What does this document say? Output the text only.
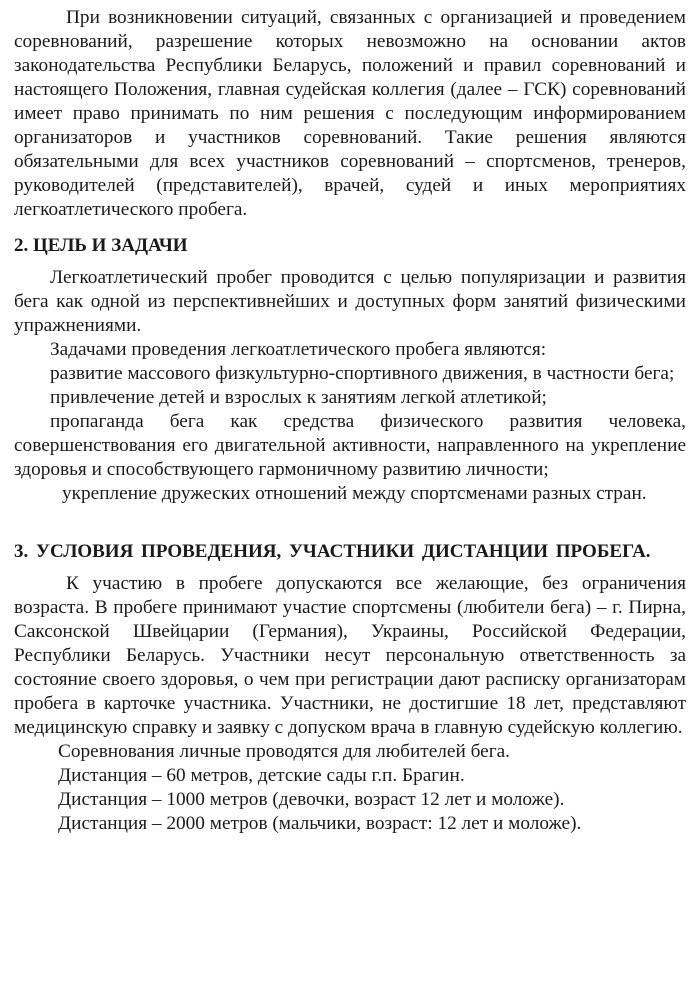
При возникновении ситуаций, связанных с организацией и проведением соревнований, разрешение которых невозможно на основании актов законодательства Республики Беларусь, положений и правил соревнований и настоящего Положения, главная судейская коллегия (далее – ГСК) соревнований имеет право принимать по ним решения с последующим информированием организаторов и участников соревнований. Такие решения являются обязательными для всех участников соревнований – спортсменов, тренеров, руководителей (представителей), врачей, судей и иных мероприятиях легкоатлетического пробега.

2. ЦЕЛЬ И ЗАДАЧИ

Легкоатлетический пробег проводится с целью популяризации и развития бега как одной из перспективнейших и доступных форм занятий физическими упражнениями.

Задачами проведения легкоатлетического пробега являются:

развитие массового физкультурно-спортивного движения, в частности бега;

привлечение детей и взрослых к занятиям легкой атлетикой;

пропаганда бега как средства физического развития человека, совершенствования его двигательной активности, направленного на укрепление здоровья и способствующего гармоничному развитию личности;

укрепление дружеских отношений между спортсменами разных стран.

3. УСЛОВИЯ ПРОВЕДЕНИЯ, УЧАСТНИКИ ДИСТАНЦИИ ПРОБЕГА.

К участию в пробеге допускаются все желающие, без ограничения возраста. В пробеге принимают участие спортсмены (любители бега) – г. Пирна, Саксонской Швейцарии (Германия), Украины, Российской Федерации, Республики Беларусь. Участники несут персональную ответственность за состояние своего здоровья, о чем при регистрации дают расписку организаторам пробега в карточке участника. Участники, не достигшие 18 лет, представляют медицинскую справку и заявку с допуском врача в главную судейскую коллегию.

Соревнования личные проводятся для любителей бега.

Дистанция – 60 метров, детские сады г.п. Брагин.

Дистанция – 1000 метров (девочки, возраст 12 лет и моложе).

Дистанция – 2000 метров (мальчики, возраст: 12 лет и моложе).
